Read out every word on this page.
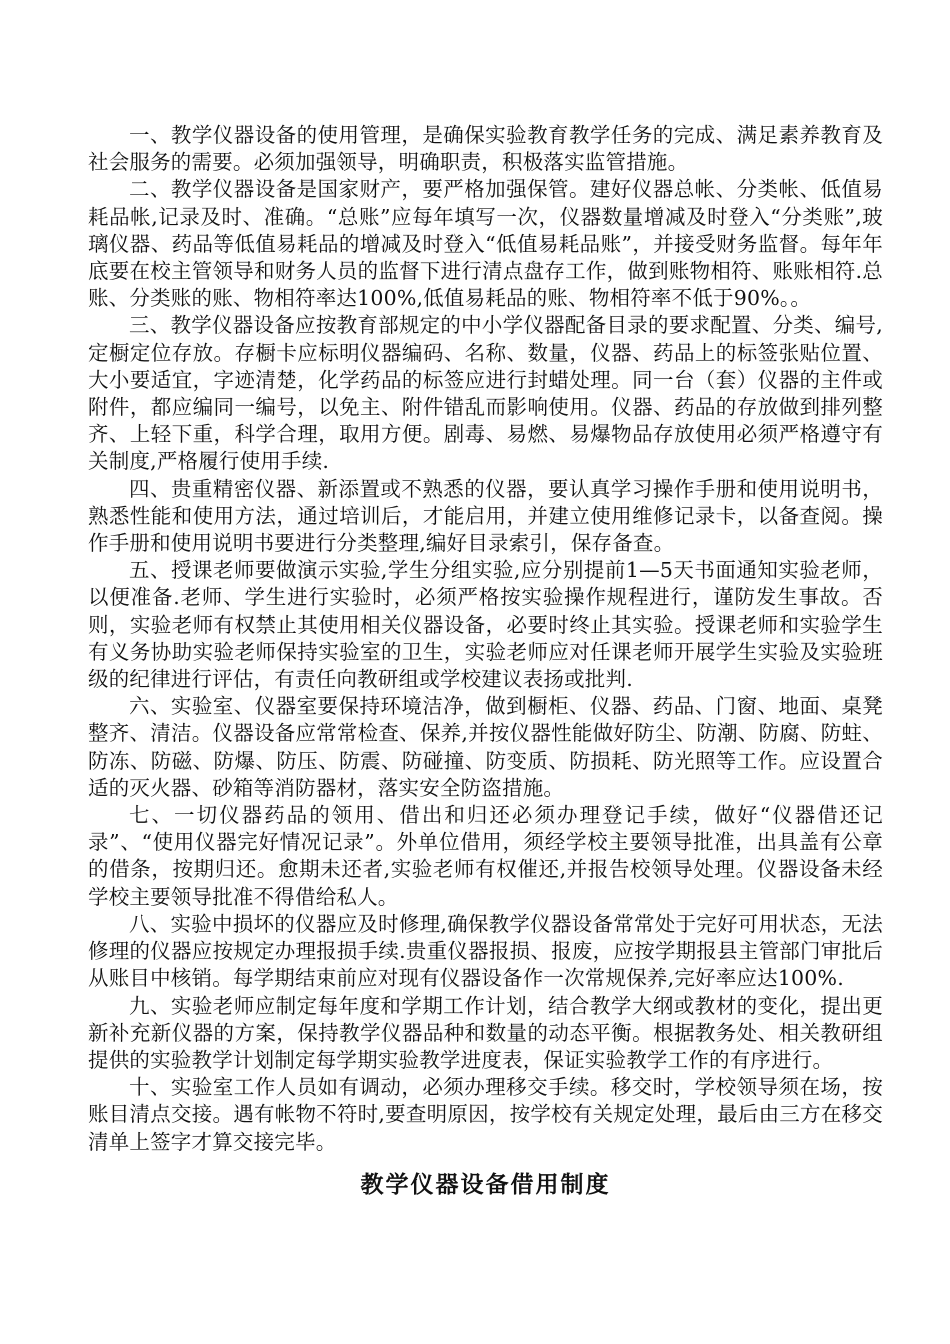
一、教学仪器设备的使用管理，是确保实验教育教学任务的完成、满足素养教育及社会服务的需要。必须加强领导，明确职责，积极落实监管措施。

二、教学仪器设备是国家财产，要严格加强保管。建好仪器总帐、分类帐、低值易耗品帐,记录及时、准确。“总账”应每年填写一次，仪器数量增减及时登入“分类账”,玻璃仪器、药品等低值易耗品的增减及时登入“低值易耗品账”，并接受财务监督。每年年底要在校主管领导和财务人员的监督下进行清点盘存工作，做到账物相符、账账相符.总账、分类账的账、物相符率达100%,低值易耗品的账、物相符率不低于90%。。

三、教学仪器设备应按教育部规定的中小学仪器配备目录的要求配置、分类、编号,定橱定位存放。存橱卡应标明仪器编码、名称、数量，仪器、药品上的标签张贴位置、大小要适宜，字迹清楚，化学药品的标签应进行封蜡处理。同一台（套）仪器的主件或附件，都应编同一编号，以免主、附件错乱而影响使用。仪器、药品的存放做到排列整齐、上轻下重，科学合理，取用方便。剧毒、易燃、易爆物品存放使用必须严格遵守有关制度,严格履行使用手续.

四、贵重精密仪器、新添置或不熟悉的仪器，要认真学习操作手册和使用说明书，熟悉性能和使用方法，通过培训后，才能启用，并建立使用维修记录卡，以备查阅。操作手册和使用说明书要进行分类整理,编好目录索引，保存备查。

五、授课老师要做演示实验,学生分组实验,应分别提前1—5天书面通知实验老师，以便准备.老师、学生进行实验时，必须严格按实验操作规程进行，谨防发生事故。否则，实验老师有权禁止其使用相关仪器设备，必要时终止其实验。授课老师和实验学生有义务协助实验老师保持实验室的卫生，实验老师应对任课老师开展学生实验及实验班级的纪律进行评估，有责任向教研组或学校建议表扬或批判.

六、实验室、仪器室要保持环境洁净，做到橱柜、仪器、药品、门窗、地面、桌凳整齐、清洁。仪器设备应常常检查、保养,并按仪器性能做好防尘、防潮、防腐、防蛀、防冻、防磁、防爆、防压、防震、防碰撞、防变质、防损耗、防光照等工作。应设置合适的灭火器、砂箱等消防器材，落实安全防盗措施。

七、一切仪器药品的领用、借出和归还必须办理登记手续，做好“仪器借还记录”、“使用仪器完好情况记录”。外单位借用，须经学校主要领导批准，出具盖有公章的借条，按期归还。愈期未还者,实验老师有权催还,并报告校领导处理。仪器设备未经学校主要领导批准不得借给私人。

八、实验中损坏的仪器应及时修理,确保教学仪器设备常常处于完好可用状态，无法修理的仪器应按规定办理报损手续.贵重仪器报损、报废，应按学期报县主管部门审批后从账目中核销。每学期结束前应对现有仪器设备作一次常规保养,完好率应达100%.

九、实验老师应制定每年度和学期工作计划，结合教学大纲或教材的变化，提出更新补充新仪器的方案，保持教学仪器品种和数量的动态平衡。根据教务处、相关教研组提供的实验教学计划制定每学期实验教学进度表，保证实验教学工作的有序进行。

十、实验室工作人员如有调动，必须办理移交手续。移交时，学校领导须在场，按账目清点交接。遇有帐物不符时,要查明原因，按学校有关规定处理，最后由三方在移交清单上签字才算交接完毕。

教学仪器设备借用制度
